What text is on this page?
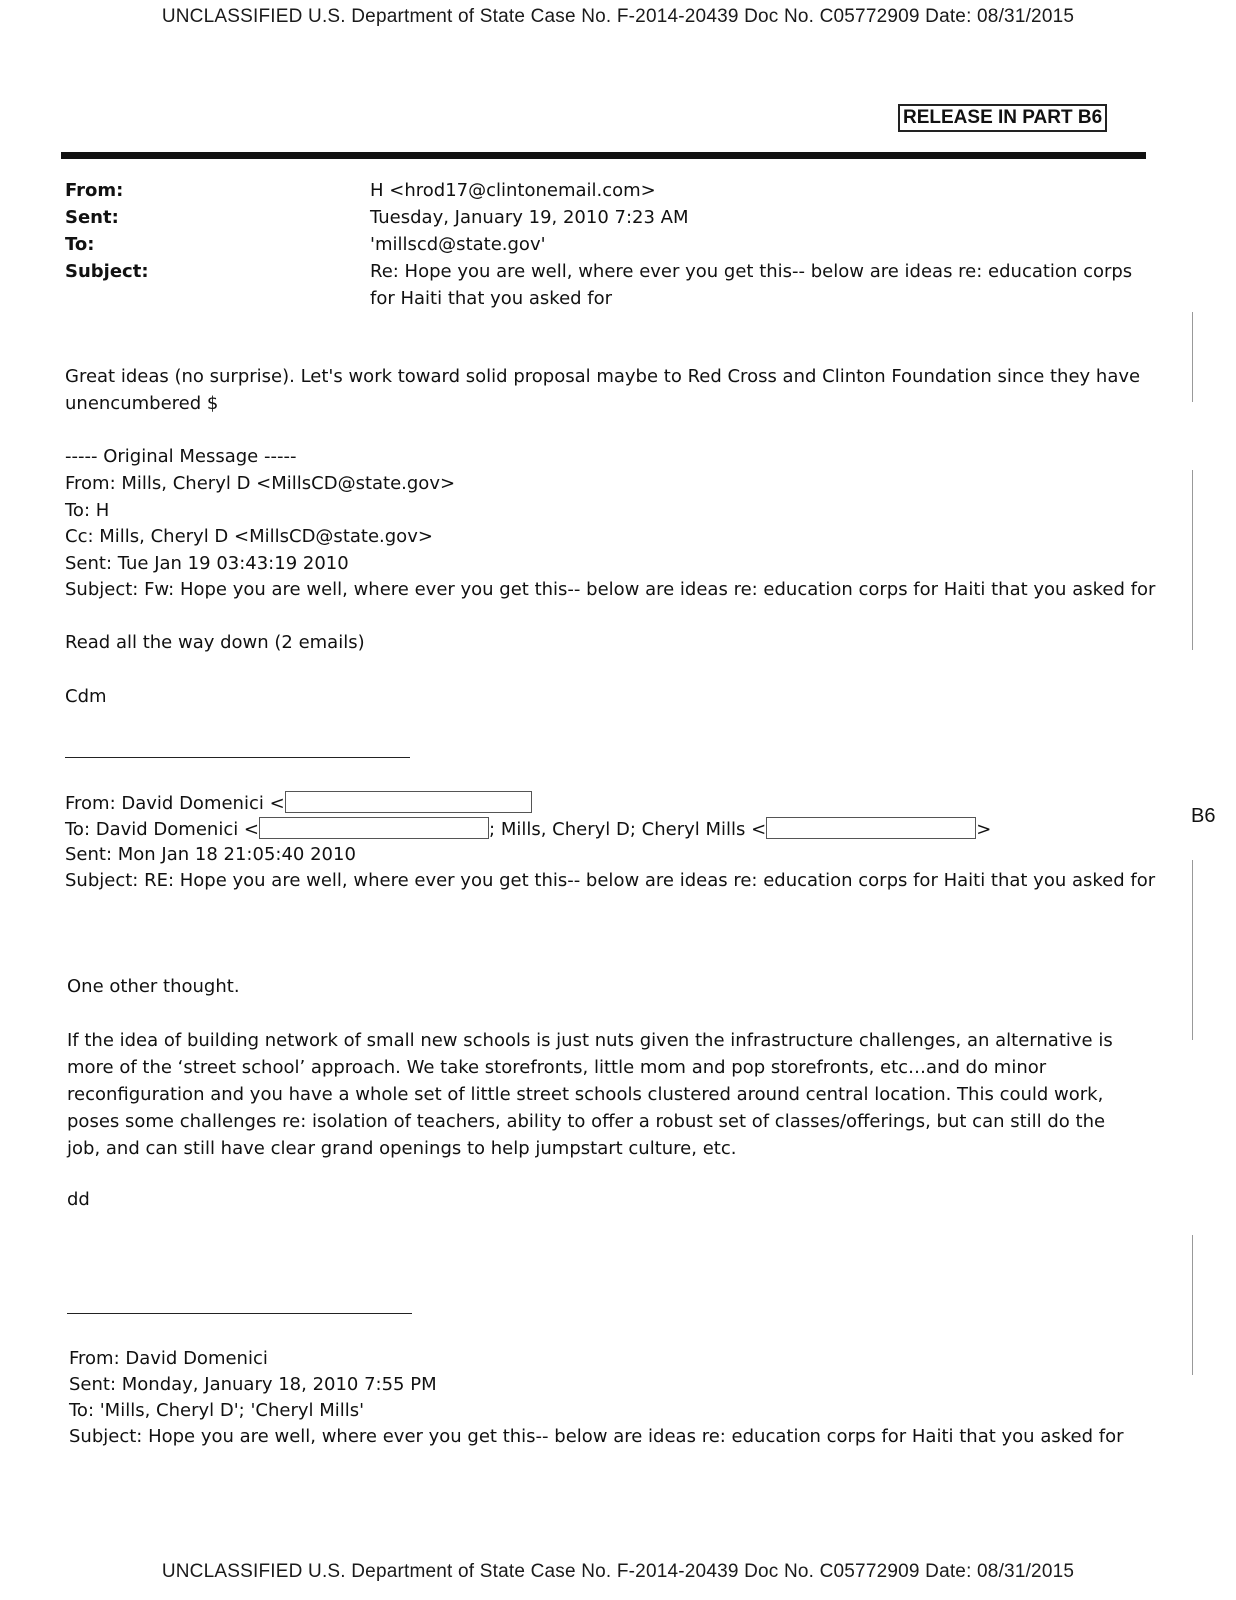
UNCLASSIFIED U.S. Department of State Case No. F-2014-20439 Doc No. C05772909 Date: 08/31/2015
RELEASE IN PART B6
From:	H <hrod17@clintonemail.com>
Sent:	Tuesday, January 19, 2010 7:23 AM
To:	'millscd@state.gov'
Subject:	Re: Hope you are well, where ever you get this-- below are ideas re: education corps for Haiti that you asked for
Great ideas (no surprise). Let's work toward solid proposal maybe to Red Cross and Clinton Foundation since they have unencumbered $
----- Original Message -----
From: Mills, Cheryl D <MillsCD@state.gov>
To: H
Cc: Mills, Cheryl D <MillsCD@state.gov>
Sent: Tue Jan 19 03:43:19 2010
Subject: Fw: Hope you are well, where ever you get this-- below are ideas re: education corps for Haiti that you asked for
Read all the way down (2 emails)
Cdm
From: David Domenici <
To: David Domenici <	; Mills, Cheryl D; Cheryl Mills <	>
Sent: Mon Jan 18 21:05:40 2010
Subject: RE: Hope you are well, where ever you get this-- below are ideas re: education corps for Haiti that you asked for
B6
One other thought.
If the idea of building network of small new schools is just nuts given the infrastructure challenges, an alternative is more of the ‘street school’ approach. We take storefronts, little mom and pop storefronts, etc…and do minor reconfiguration and you have a whole set of little street schools clustered around central location. This could work, poses some challenges re: isolation of teachers, ability to offer a robust set of classes/offerings, but can still do the job, and can still have clear grand openings to help jumpstart culture, etc.
dd
From: David Domenici
Sent: Monday, January 18, 2010 7:55 PM
To: 'Mills, Cheryl D'; 'Cheryl Mills'
Subject: Hope you are well, where ever you get this-- below are ideas re: education corps for Haiti that you asked for
UNCLASSIFIED U.S. Department of State Case No. F-2014-20439 Doc No. C05772909 Date: 08/31/2015
